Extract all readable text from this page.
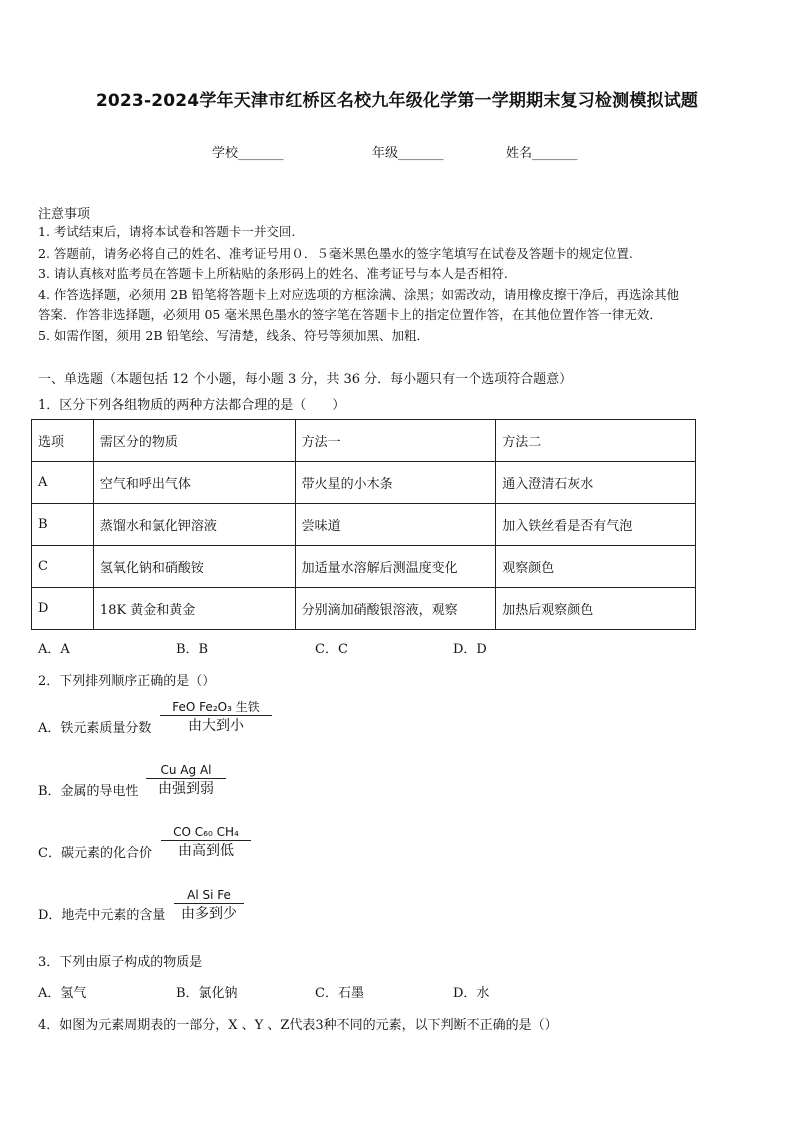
2023-2024学年天津市红桥区名校九年级化学第一学期期末复习检测模拟试题
学校_______	年级_______	姓名_______
注意事项
1. 考试结束后，请将本试卷和答题卡一并交回.
2. 答题前，请务必将自己的姓名、准考证号用０．５毫米黑色墨水的签字笔填写在试卷及答题卡的规定位置.
3. 请认真核对监考员在答题卡上所粘贴的条形码上的姓名、准考证号与本人是否相符.
4. 作答选择题，必须用 2B 铅笔将答题卡上对应选项的方框涂满、涂黑；如需改动，请用橡皮擦干净后，再选涂其他
答案．作答非选择题，必须用 05 毫米黑色墨水的签字笔在答题卡上的指定位置作答，在其他位置作答一律无效．
5. 如需作图，须用 2B 铅笔绘、写清楚，线条、符号等须加黑、加粗．
一、单选题（本题包括 12 个小题，每小题 3 分，共 36 分．每小题只有一个选项符合题意）
1．区分下列各组物质的两种方法都合理的是（　　）
选项	需区分的物质	方法一	方法二
A	空气和呼出气体	带火星的小木条	通入澄清石灰水
B	蒸馏水和氯化钾溶液	尝味道	加入铁丝看是否有气泡
C	氢氧化钠和硝酸铵	加适量水溶解后测温度变化	观察颜色
D	18K 黄金和黄金	分别滴加硝酸银溶液，观察	加热后观察颜色
A．A	B．B	C．C	D．D
2．下列排列顺序正确的是（）
A．铁元素质量分数
FeO Fe₂O₃ 生铁
由大到小
B．金属的导电性
Cu Ag Al
由强到弱
C．碳元素的化合价
CO C₆₀ CH₄
由高到低
D．地壳中元素的含量
Al Si Fe
由多到少
3．下列由原子构成的物质是
A．氢气	B．氯化钠	C．石墨	D．水
4．如图为元素周期表的一部分，X 、Y 、Z代表3种不同的元素，以下判断不正确的是（）
